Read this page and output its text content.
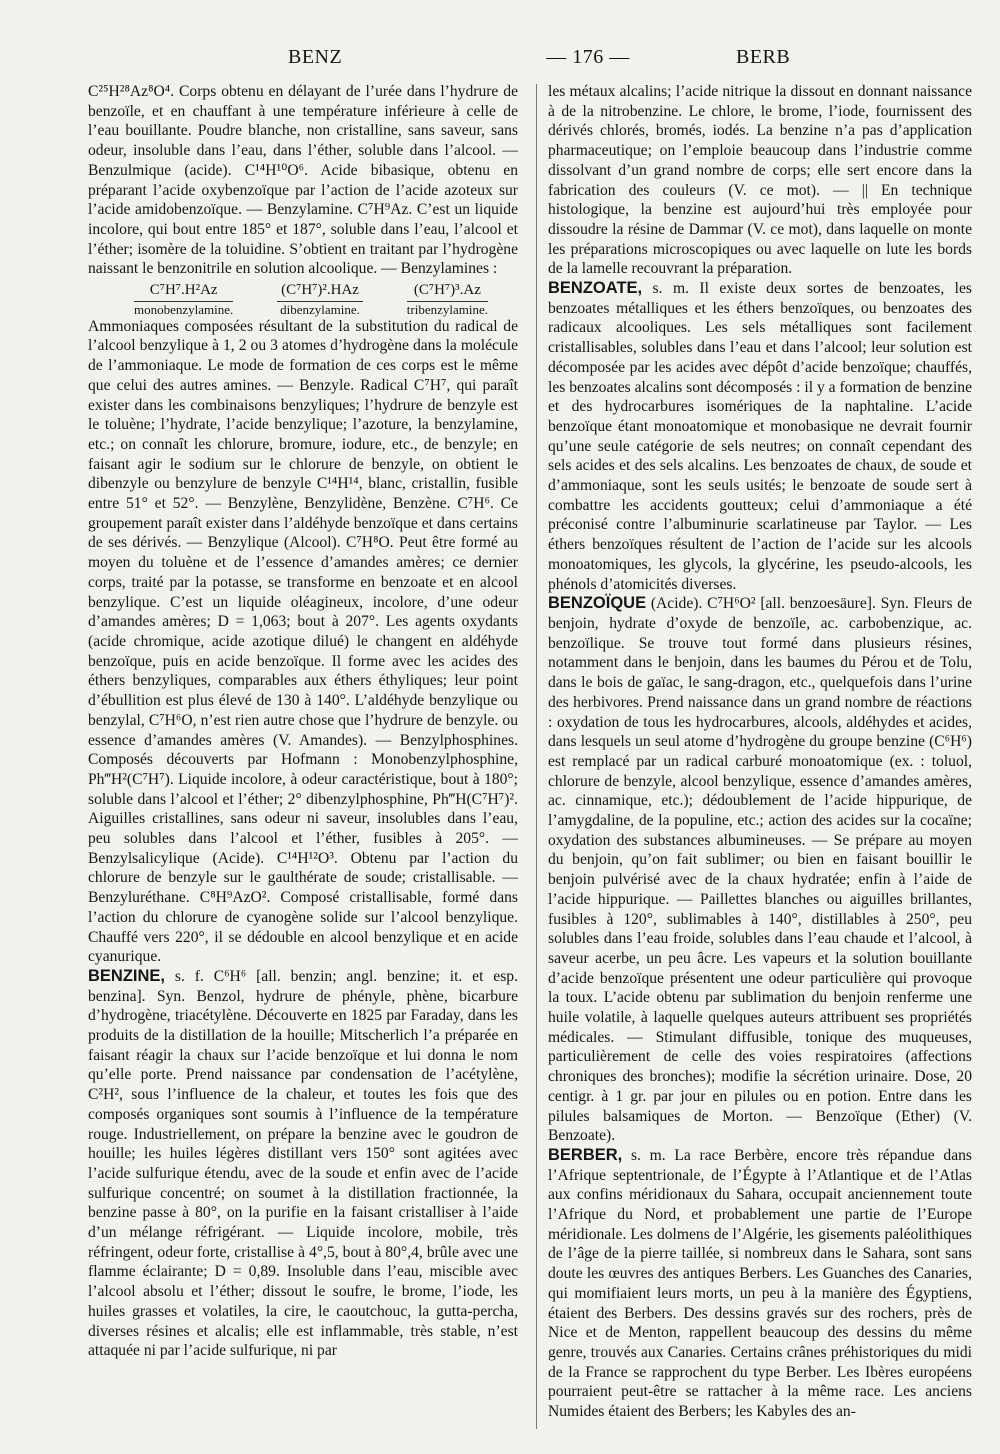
BENZ	— 176 —	BERB

C²⁵H²⁸Az⁸O⁴. Corps obtenu en délayant de l’urée dans l’hydrure de benzoïle, et en chauffant à une température inférieure à celle de l’eau bouillante. Poudre blanche, non cristalline, sans saveur, sans odeur, insoluble dans l’eau, dans l’éther, soluble dans l’alcool. — Benzulmique (acide). C¹⁴H¹⁰O⁶. Acide bibasique, obtenu en préparant l’acide oxybenzoïque par l’action de l’acide azoteux sur l’acide amidobenzoïque. — Benzylamine. C⁷H⁹Az. C’est un liquide incolore, qui bout entre 185° et 187°, soluble dans l’eau, l’alcool et l’éther; isomère de la toluidine. S’obtient en traitant par l’hydrogène naissant le benzonitrile en solution alcoolique. — Benzylamines :

C⁷H⁷.H²Az
monobenzylamine.
(C⁷H⁷)².HAz
dibenzylamine.
(C⁷H⁷)³.Az
tribenzylamine.

Ammoniaques composées résultant de la substitution du radical de l’alcool benzylique à 1, 2 ou 3 atomes d’hydrogène dans la molécule de l’ammoniaque. Le mode de formation de ces corps est le même que celui des autres amines. — Benzyle. Radical C⁷H⁷, qui paraît exister dans les combinaisons benzyliques; l’hydrure de benzyle est le toluène; l’hydrate, l’acide benzylique; l’azoture, la benzylamine, etc.; on connaît les chlorure, bromure, iodure, etc., de benzyle; en faisant agir le sodium sur le chlorure de benzyle, on obtient le dibenzyle ou benzylure de benzyle C¹⁴H¹⁴, blanc, cristallin, fusible entre 51° et 52°. — Benzylène, Benzylidène, Benzène. C⁷H⁶. Ce groupement paraît exister dans l’aldéhyde benzoïque et dans certains de ses dérivés. — Benzylique (Alcool). C⁷H⁸O. Peut être formé au moyen du toluène et de l’essence d’amandes amères; ce dernier corps, traité par la potasse, se transforme en benzoate et en alcool benzylique. C’est un liquide oléagineux, incolore, d’une odeur d’amandes amères; D = 1,063; bout à 207°. Les agents oxydants (acide chromique, acide azotique dilué) le changent en aldéhyde benzoïque, puis en acide benzoïque. Il forme avec les acides des éthers benzyliques, comparables aux éthers éthyliques; leur point d’ébullition est plus élevé de 130 à 140°. L’aldéhyde benzylique ou benzylal, C⁷H⁶O, n’est rien autre chose que l’hydrure de benzyle. ou essence d’amandes amères (V. Amandes). — Benzylphosphines. Composés découverts par Hofmann : Monobenzylphosphine, Ph‴H²(C⁷H⁷). Liquide incolore, à odeur caractéristique, bout à 180°; soluble dans l’alcool et l’éther; 2° dibenzylphosphine, Ph‴H(C⁷H⁷)². Aiguilles cristallines, sans odeur ni saveur, insolubles dans l’eau, peu solubles dans l’alcool et l’éther, fusibles à 205°. — Benzylsalicylique (Acide). C¹⁴H¹²O³. Obtenu par l’action du chlorure de benzyle sur le gaulthérate de soude; cristallisable. — Benzyluréthane. C⁸H⁹AzO². Composé cristallisable, formé dans l’action du chlorure de cyanogène solide sur l’alcool benzylique. Chauffé vers 220°, il se dédouble en alcool benzylique et en acide cyanurique.

BENZINE, s. f. C⁶H⁶ [all. benzin; angl. benzine; it. et esp. benzina]. Syn. Benzol, hydrure de phényle, phène, bicarbure d’hydrogène, triacétylène. Découverte en 1825 par Faraday, dans les produits de la distillation de la houille; Mitscherlich l’a préparée en faisant réagir la chaux sur l’acide benzoïque et lui donna le nom qu’elle porte. Prend naissance par condensation de l’acétylène, C²H², sous l’influence de la chaleur, et toutes les fois que des composés organiques sont soumis à l’influence de la température rouge. Industriellement, on prépare la benzine avec le goudron de houille; les huiles légères distillant vers 150° sont agitées avec l’acide sulfurique étendu, avec de la soude et enfin avec de l’acide sulfurique concentré; on soumet à la distillation fractionnée, la benzine passe à 80°, on la purifie en la faisant cristalliser à l’aide d’un mélange réfrigérant. — Liquide incolore, mobile, très réfringent, odeur forte, cristallise à 4°,5, bout à 80°,4, brûle avec une flamme éclairante; D = 0,89. Insoluble dans l’eau, miscible avec l’alcool absolu et l’éther; dissout le soufre, le brome, l’iode, les huiles grasses et volatiles, la cire, le caoutchouc, la gutta-percha, diverses résines et alcalis; elle est inflammable, très stable, n’est attaquée ni par l’acide sulfurique, ni par

les métaux alcalins; l’acide nitrique la dissout en donnant naissance à de la nitrobenzine. Le chlore, le brome, l’iode, fournissent des dérivés chlorés, bromés, iodés. La benzine n’a pas d’application pharmaceutique; on l’emploie beaucoup dans l’industrie comme dissolvant d’un grand nombre de corps; elle sert encore dans la fabrication des couleurs (V. ce mot). — || En technique histologique, la benzine est aujourd’hui très employée pour dissoudre la résine de Dammar (V. ce mot), dans laquelle on monte les préparations microscopiques ou avec laquelle on lute les bords de la lamelle recouvrant la préparation.

BENZOATE, s. m. Il existe deux sortes de benzoates, les benzoates métalliques et les éthers benzoïques, ou benzoates des radicaux alcooliques. Les sels métalliques sont facilement cristallisables, solubles dans l’eau et dans l’alcool; leur solution est décomposée par les acides avec dépôt d’acide benzoïque; chauffés, les benzoates alcalins sont décomposés : il y a formation de benzine et des hydrocarbures isomériques de la naphtaline. L’acide benzoïque étant monoatomique et monobasique ne devrait fournir qu’une seule catégorie de sels neutres; on connaît cependant des sels acides et des sels alcalins. Les benzoates de chaux, de soude et d’ammoniaque, sont les seuls usités; le benzoate de soude sert à combattre les accidents goutteux; celui d’ammoniaque a été préconisé contre l’albuminurie scarlatineuse par Taylor. — Les éthers benzoïques résultent de l’action de l’acide sur les alcools monoatomiques, les glycols, la glycérine, les pseudo-alcools, les phénols d’atomicités diverses.

BENZOÏQUE (Acide). C⁷H⁶O² [all. benzoesäure]. Syn. Fleurs de benjoin, hydrate d’oxyde de benzoïle, ac. carbobenzique, ac. benzoïlique. Se trouve tout formé dans plusieurs résines, notamment dans le benjoin, dans les baumes du Pérou et de Tolu, dans le bois de gaïac, le sang-dragon, etc., quelquefois dans l’urine des herbivores. Prend naissance dans un grand nombre de réactions : oxydation de tous les hydrocarbures, alcools, aldéhydes et acides, dans lesquels un seul atome d’hydrogène du groupe benzine (C⁶H⁶) est remplacé par un radical carburé monoatomique (ex. : toluol, chlorure de benzyle, alcool benzylique, essence d’amandes amères, ac. cinnamique, etc.); dédoublement de l’acide hippurique, de l’amygdaline, de la populine, etc.; action des acides sur la cocaïne; oxydation des substances albumineuses. — Se prépare au moyen du benjoin, qu’on fait sublimer; ou bien en faisant bouillir le benjoin pulvérisé avec de la chaux hydratée; enfin à l’aide de l’acide hippurique. — Paillettes blanches ou aiguilles brillantes, fusibles à 120°, sublimables à 140°, distillables à 250°, peu solubles dans l’eau froide, solubles dans l’eau chaude et l’alcool, à saveur acerbe, un peu âcre. Les vapeurs et la solution bouillante d’acide benzoïque présentent une odeur particulière qui provoque la toux. L’acide obtenu par sublimation du benjoin renferme une huile volatile, à laquelle quelques auteurs attribuent ses propriétés médicales. — Stimulant diffusible, tonique des muqueuses, particulièrement de celle des voies respiratoires (affections chroniques des bronches); modifie la sécrétion urinaire. Dose, 20 centigr. à 1 gr. par jour en pilules ou en potion. Entre dans les pilules balsamiques de Morton. — Benzoïque (Ether) (V. Benzoate).

BERBER, s. m. La race Berbère, encore très répandue dans l’Afrique septentrionale, de l’Égypte à l’Atlantique et de l’Atlas aux confins méridionaux du Sahara, occupait anciennement toute l’Afrique du Nord, et probablement une partie de l’Europe méridionale. Les dolmens de l’Algérie, les gisements paléolithiques de l’âge de la pierre taillée, si nombreux dans le Sahara, sont sans doute les œuvres des antiques Berbers. Les Guanches des Canaries, qui momifiaient leurs morts, un peu à la manière des Égyptiens, étaient des Berbers. Des dessins gravés sur des rochers, près de Nice et de Menton, rappellent beaucoup des dessins du même genre, trouvés aux Canaries. Certains crânes préhistoriques du midi de la France se rapprochent du type Berber. Les Ibères européens pourraient peut-être se rattacher à la même race. Les anciens Numides étaient des Berbers; les Kabyles des an-
